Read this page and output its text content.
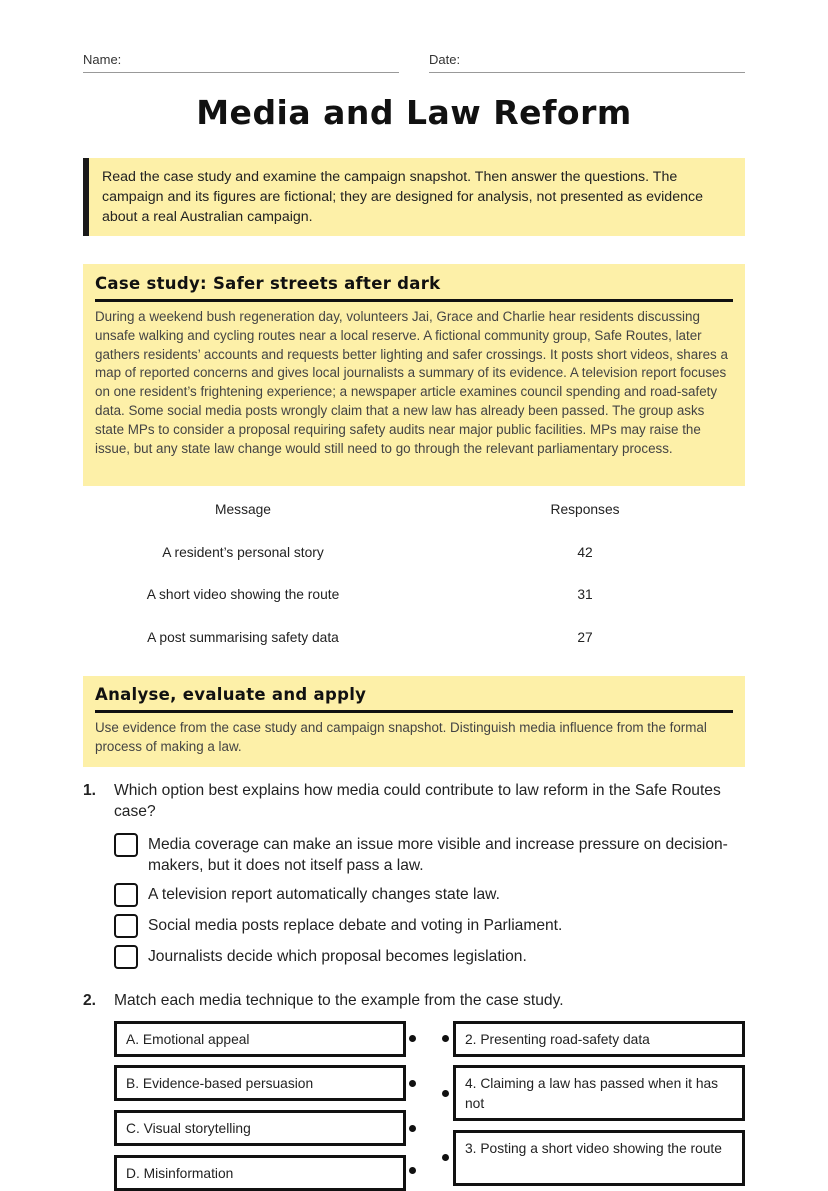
Name:	Date:
Media and Law Reform
Read the case study and examine the campaign snapshot. Then answer the questions. The campaign and its figures are fictional; they are designed for analysis, not presented as evidence about a real Australian campaign.
Case study: Safer streets after dark
During a weekend bush regeneration day, volunteers Jai, Grace and Charlie hear residents discussing unsafe walking and cycling routes near a local reserve. A fictional community group, Safe Routes, later gathers residents’ accounts and requests better lighting and safer crossings. It posts short videos, shares a map of reported concerns and gives local journalists a summary of its evidence. A television report focuses on one resident’s frightening experience; a newspaper article examines council spending and road-safety data. Some social media posts wrongly claim that a new law has already been passed. The group asks state MPs to consider a proposal requiring safety audits near major public facilities. MPs may raise the issue, but any state law change would still need to go through the relevant parliamentary process.
Message	Responses
A resident’s personal story	42
A short video showing the route	31
A post summarising safety data	27
Analyse, evaluate and apply
Use evidence from the case study and campaign snapshot. Distinguish media influence from the formal process of making a law.
1. Which option best explains how media could contribute to law reform in the Safe Routes case?
Media coverage can make an issue more visible and increase pressure on decision-makers, but it does not itself pass a law.
A television report automatically changes state law.
Social media posts replace debate and voting in Parliament.
Journalists decide which proposal becomes legislation.
2. Match each media technique to the example from the case study.
A. Emotional appeal
B. Evidence-based persuasion
C. Visual storytelling
D. Misinformation
2. Presenting road-safety data
4. Claiming a law has passed when it has not
3. Posting a short video showing the route
